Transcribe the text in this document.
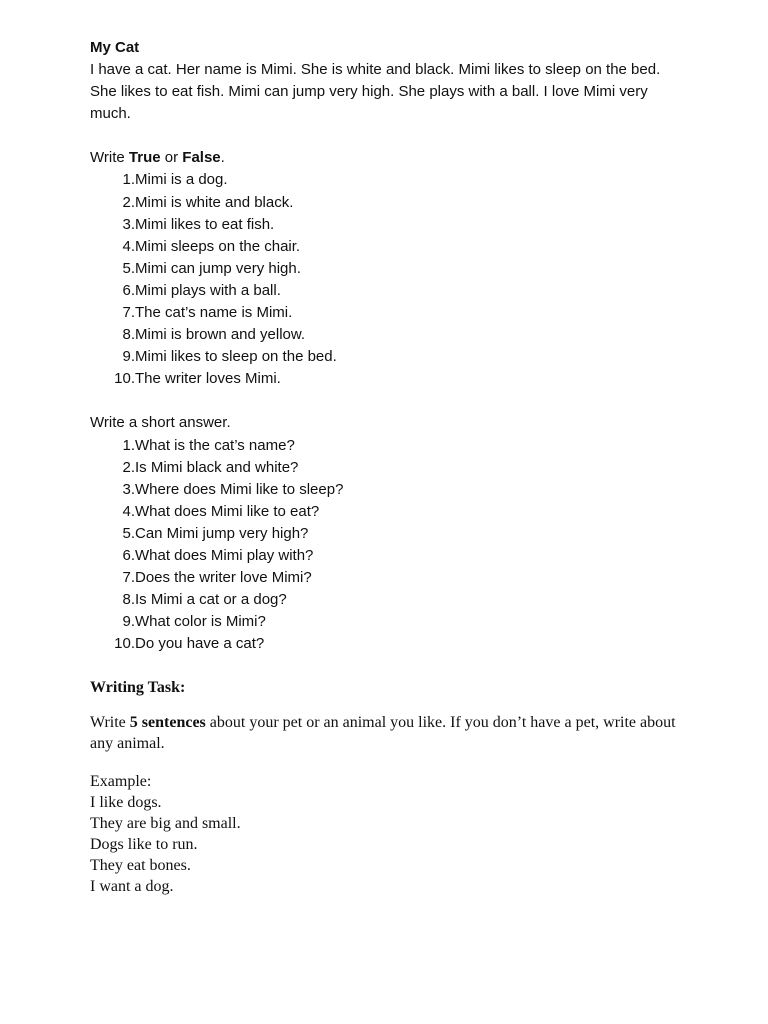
My Cat

I have a cat. Her name is Mimi. She is white and black. Mimi likes to sleep on the bed. She likes to eat fish. Mimi can jump very high. She plays with a ball. I love Mimi very much.

Write True or False.

1. Mimi is a dog.
2. Mimi is white and black.
3. Mimi likes to eat fish.
4. Mimi sleeps on the chair.
5. Mimi can jump very high.
6. Mimi plays with a ball.
7. The cat’s name is Mimi.
8. Mimi is brown and yellow.
9. Mimi likes to sleep on the bed.
10. The writer loves Mimi.

Write a short answer.

1. What is the cat’s name?
2. Is Mimi black and white?
3. Where does Mimi like to sleep?
4. What does Mimi like to eat?
5. Can Mimi jump very high?
6. What does Mimi play with?
7. Does the writer love Mimi?
8. Is Mimi a cat or a dog?
9. What color is Mimi?
10. Do you have a cat?

Writing Task:

Write 5 sentences about your pet or an animal you like. If you don’t have a pet, write about any animal.

Example:

I like dogs.

They are big and small.

Dogs like to run.

They eat bones.

I want a dog.
